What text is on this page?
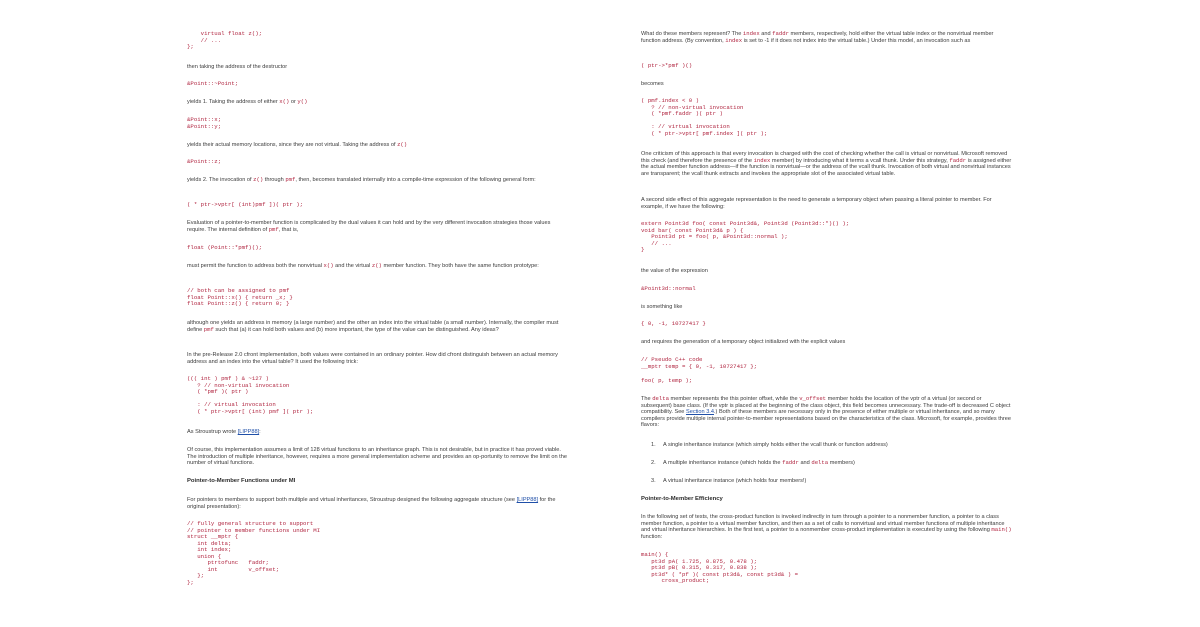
virtual float z();
// ...
};
then taking the address of the destructor
&Point::~Point;
yields 1. Taking the address of either x() or y()
&Point::x;
&Point::y;
yields their actual memory locations, since they are not virtual. Taking the address of z()
&Point::z;
yields 2. The invocation of z() through pmf, then, becomes translated internally into a compile-time expression of the following general form:
( * ptr->vptr[ (int)pmf ])( ptr );
Evaluation of a pointer-to-member function is complicated by the dual values it can hold and by the very different invocation strategies those values require. The internal definition of pmf, that is,
float (Point::*pmf)();
must permit the function to address both the nonvirtual x() and the virtual z() member function. They both have the same function prototype:
// both can be assigned to pmf
float Point::x() { return _x; }
float Point::z() { return 0; }
although one yields an address in memory (a large number) and the other an index into the virtual table (a small number). Internally, the compiler must define pmf such that (a) it can hold both values and (b) more important, the type of the value can be distinguished. Any ideas?
In the pre-Release 2.0 cfront implementation, both values were contained in an ordinary pointer. How did cfront distinguish between an actual memory address and an index into the virtual table? It used the following trick:
((( int ) pmf ) & ~127 )
? // non-virtual invocation
( *pmf )( ptr )

: // virtual invocation
( * ptr->vptr[ (int) pmf ]( ptr );
As Stroustrup wrote [LIPP88]:
Of course, this implementation assumes a limit of 128 virtual functions to an inheritance graph. This is not desirable, but in practice it has proved viable. The introduction of multiple inheritance, however, requires a more general implementation scheme and provides an op-portunity to remove the limit on the number of virtual functions.
Pointer-to-Member Functions under MI
For pointers to members to support both multiple and virtual inheritances, Stroustrup designed the following aggregate structure (see [LIPP88] for the original presentation):
// fully general structure to support
// pointer to member functions under MI
struct __mptr {
int delta;
int index;
union {
ptrtofunc   faddr;
int         v_offset;
};
};
What do these members represent? The index and faddr members, respectively, hold either the virtual table index or the nonvirtual member function address. (By convention, index is set to -1 if it does not index into the virtual table.) Under this model, an invocation such as
( ptr->*pmf )()
becomes
( pmf.index < 0 )
? // non-virtual invocation
( *pmf.faddr )( ptr )

: // virtual invocation
( * ptr->vptr[ pmf.index ]( ptr );
One criticism of this approach is that every invocation is charged with the cost of checking whether the call is virtual or nonvirtual. Microsoft removed this check (and therefore the presence of the index member) by introducing what it terms a vcall thunk. Under this strategy, faddr is assigned either the actual member function address—if the function is nonvirtual—or the address of the vcall thunk. Invocation of both virtual and nonvirtual instances are transparent; the vcall thunk extracts and invokes the appropriate slot of the associated virtual table.
A second side effect of this aggregate representation is the need to generate a temporary object when passing a literal pointer to member. For example, if we have the following:
extern Point3d foo( const Point3d&, Point3d (Point3d::*)() );
void bar( const Point3d& p ) {
Point3d pt = foo( p, &Point3d::normal );
// ...
}
the value of the expression
&Point3d::normal
is something like
{ 0, -1, 10727417 }
and requires the generation of a temporary object initialized with the explicit values
// Pseudo C++ code
__mptr temp = { 0, -1, 10727417 };
foo( p, temp );
The delta member represents the this pointer offset, while the v_offset member holds the location of the vptr of a virtual (or second or subsequent) base class. (If the vptr is placed at the beginning of the class object, this field becomes unnecessary. The trade-off is decreased C object compatibility. See Section 3.4.) Both of these members are necessary only in the presence of either multiple or virtual inheritance, and so many compilers provide multiple internal pointer-to-member representations based on the characteristics of the class. Microsoft, for example, provides three flavors:
1. A single inheritance instance (which simply holds either the vcall thunk or function address)
2. A multiple inheritance instance (which holds the faddr and delta members)
3. A virtual inheritance instance (which holds four members!)
Pointer-to-Member Efficiency
In the following set of tests, the cross-product function is invoked indirectly in turn through a pointer to a nonmember function, a pointer to a class member function, a pointer to a virtual member function, and then as a set of calls to nonvirtual and virtual member functions of multiple inheritance and virtual inheritance hierarchies. In the first test, a pointer to a nonmember cross-product implementation is executed by using the following main() function:
main() {
pt3d pA( 1.725, 0.875, 0.478 );
pt3d pB( 0.315, 0.317, 0.838 );
pt3d* ( *pf )( const pt3d&, const pt3d& ) =
cross_product;
